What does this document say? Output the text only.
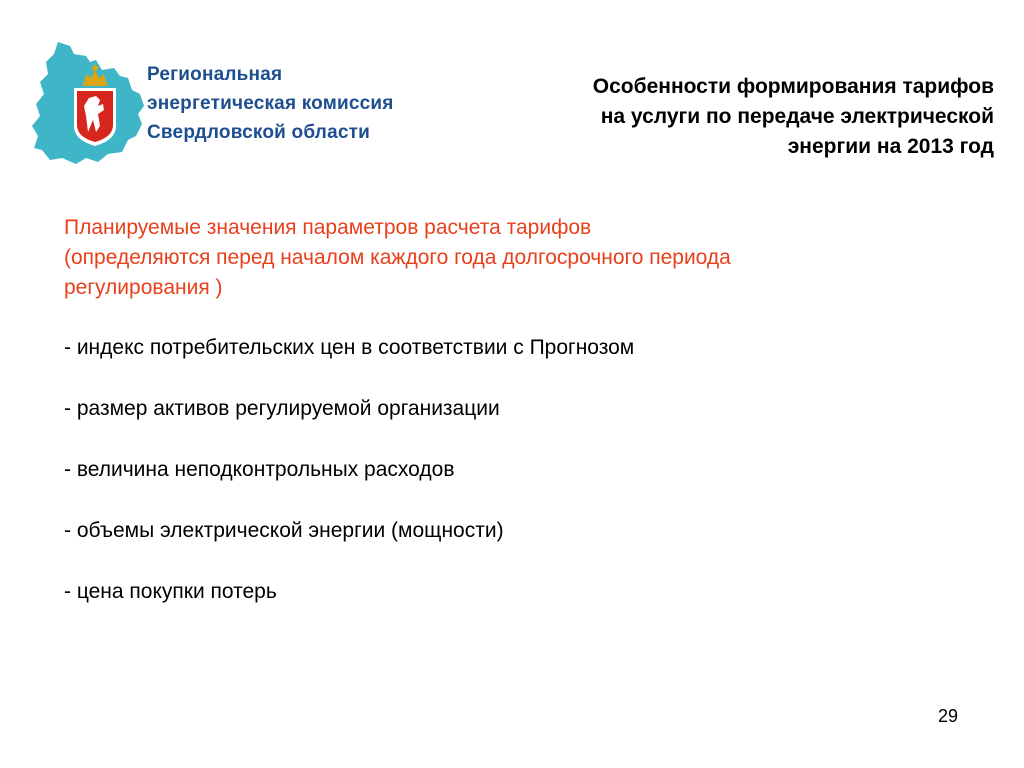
Региональная
энергетическая комиссия
Свердловской области
Особенности формирования тарифов
на услуги по передаче электрической
энергии на 2013 год
Планируемые значения параметров расчета тарифов
(определяются перед началом каждого года долгосрочного периода
регулирования )
- индекс потребительских цен в соответствии с Прогнозом
- размер активов регулируемой организации
- величина неподконтрольных расходов
- объемы электрической энергии (мощности)
- цена покупки потерь
29
